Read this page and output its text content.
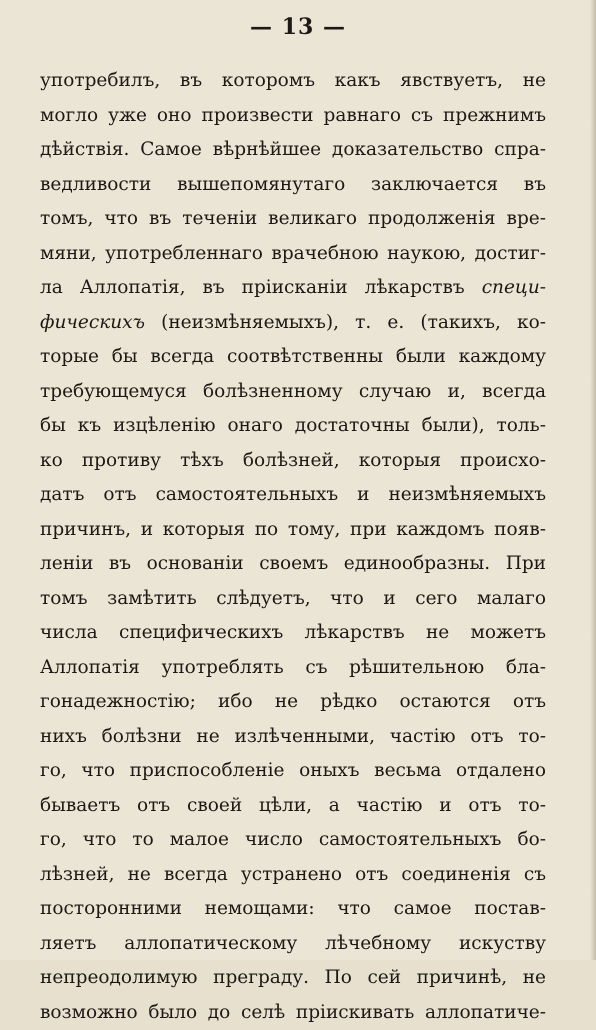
— 13 —
употребилъ, въ которомъ какъ явствуетъ, не
могло уже оно произвести равнаго съ прежнимъ
дѣйствія. Самое вѣрнѣйшее доказательство спра-
ведливости вышепомянутаго заключается въ
томъ, что въ теченіи великаго продолженія вре-
мяни, употребленнаго врачебною наукою, достиг-
ла Аллопатія, въ пріисканіи лѣкарствъ специ-
фическихъ (неизмѣняемыхъ), т. е. (такихъ, ко-
торые бы всегда соотвѣтственны были каждому
требующемуся болѣзненному случаю и, всегда
бы къ изцѣленію онаго достаточны были), толь-
ко противу тѣхъ болѣзней, которыя происхо-
датъ отъ самостоятельныхъ и неизмѣняемыхъ
причинъ, и которыя по тому, при каждомъ появ-
леніи въ основаніи своемъ единообразны. При
томъ замѣтить слѣдуетъ, что и сего малаго
числа специфическихъ лѣкарствъ не можетъ
Аллопатія употреблять съ рѣшительною бла-
гонадежностію; ибо не рѣдко остаются отъ
нихъ болѣзни не излѣченными, частію отъ то-
го, что приспособленіе оныхъ весьма отдалено
бываетъ отъ своей цѣли, а частію и отъ то-
го, что то малое число самостоятельныхъ бо-
лѣзней, не всегда устранено отъ соединенія съ
посторонними немощами: что самое постав-
ляетъ аллопатическому лѣчебному искуству
непреодолимую преграду. По сей причинѣ, не
возможно было до селѣ пріискивать аллопатиче-
